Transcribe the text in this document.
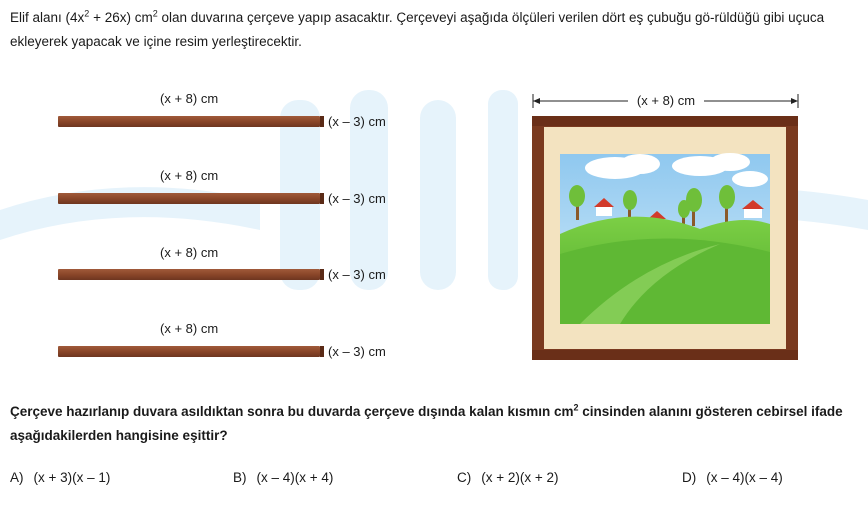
Elif alanı $(4x^2 + 26x)$ $cm^2$ olan duvarına çerçeve yapıp asacaktır. Çerçeveyi aşağıda ölçüleri verilen dört eş çubuğu gö-rüldüğü gibi uçuca ekleyerek yapacak ve içine resim yerleştirecektir.

(x + 8) cm
(x – 3) cm
(x + 8) cm
(x – 3) cm
(x + 8) cm
(x – 3) cm
(x + 8) cm
(x – 3) cm
(x + 8) cm

Çerçeve hazırlanıp duvara asıldıktan sonra bu duvarda çerçeve dışında kalan kısmın $cm^2$ cinsinden alanını gösteren cebirsel ifade aşağıdakilerden hangisine eşittir?

A) (x + 3)(x – 1)	B) (x – 4)(x + 4)	C) (x + 2)(x + 2)	D) (x – 4)(x – 4)
